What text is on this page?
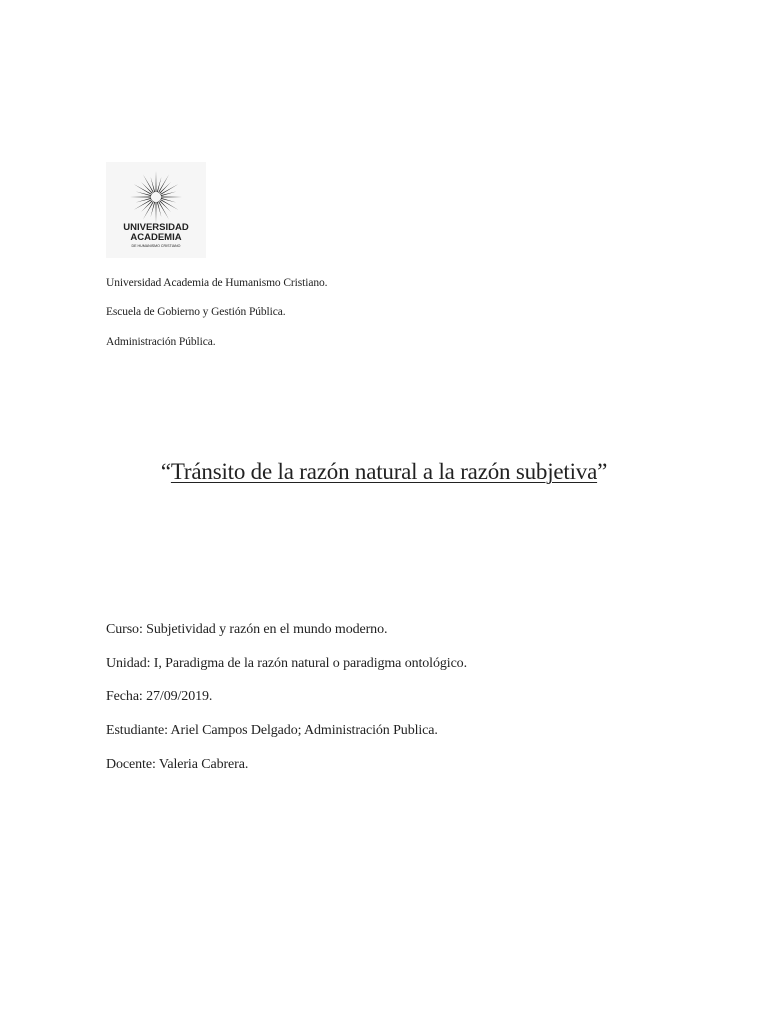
UNIVERSIDAD
ACADEMIA
DE HUMANISMO CRISTIANO
Universidad Academia de Humanismo Cristiano.
Escuela de Gobierno y Gestión Pública.
Administración Pública.
“Tránsito de la razón natural a la razón subjetiva”
Curso: Subjetividad y razón en el mundo moderno.
Unidad: I, Paradigma de la razón natural o paradigma ontológico.
Fecha: 27/09/2019.
Estudiante: Ariel Campos Delgado; Administración Publica.
Docente: Valeria Cabrera.
